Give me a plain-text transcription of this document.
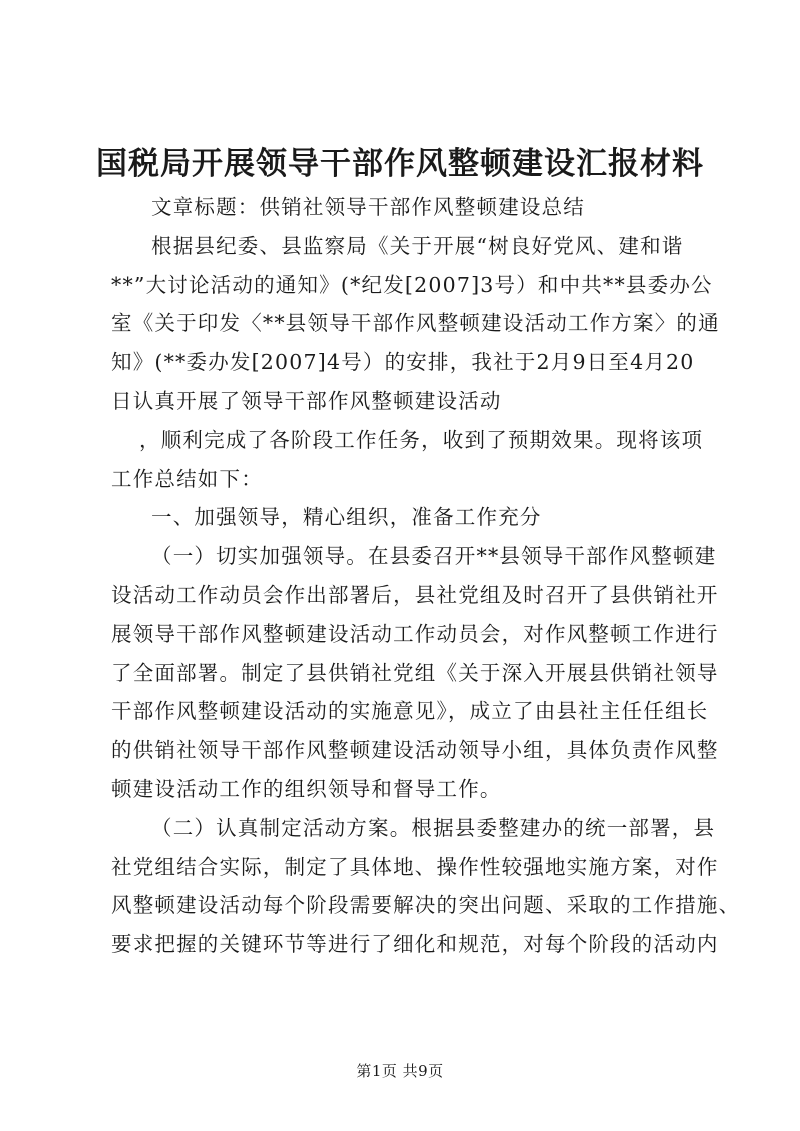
国税局开展领导干部作风整顿建设汇报材料
文章标题：供销社领导干部作风整顿建设总结
根据县纪委、县监察局《关于开展“树良好党风、建和谐
**”大讨论活动的通知》(*纪发[2007]3号）和中共**县委办公
室《关于印发〈**县领导干部作风整顿建设活动工作方案〉的通
知》(**委办发[2007]4号）的安排，我社于2月9日至4月20
日认真开展了领导干部作风整顿建设活动
，顺利完成了各阶段工作任务，收到了预期效果。现将该项
工作总结如下：
一、加强领导，精心组织，准备工作充分
（一）切实加强领导。在县委召开**县领导干部作风整顿建
设活动工作动员会作出部署后，县社党组及时召开了县供销社开
展领导干部作风整顿建设活动工作动员会，对作风整顿工作进行
了全面部署。制定了县供销社党组《关于深入开展县供销社领导
干部作风整顿建设活动的实施意见》，成立了由县社主任任组长
的供销社领导干部作风整顿建设活动领导小组，具体负责作风整
顿建设活动工作的组织领导和督导工作。
（二）认真制定活动方案。根据县委整建办的统一部署，县
社党组结合实际，制定了具体地、操作性较强地实施方案，对作
风整顿建设活动每个阶段需要解决的突出问题、采取的工作措施、
要求把握的关键环节等进行了细化和规范，对每个阶段的活动内
第1页 共9页
